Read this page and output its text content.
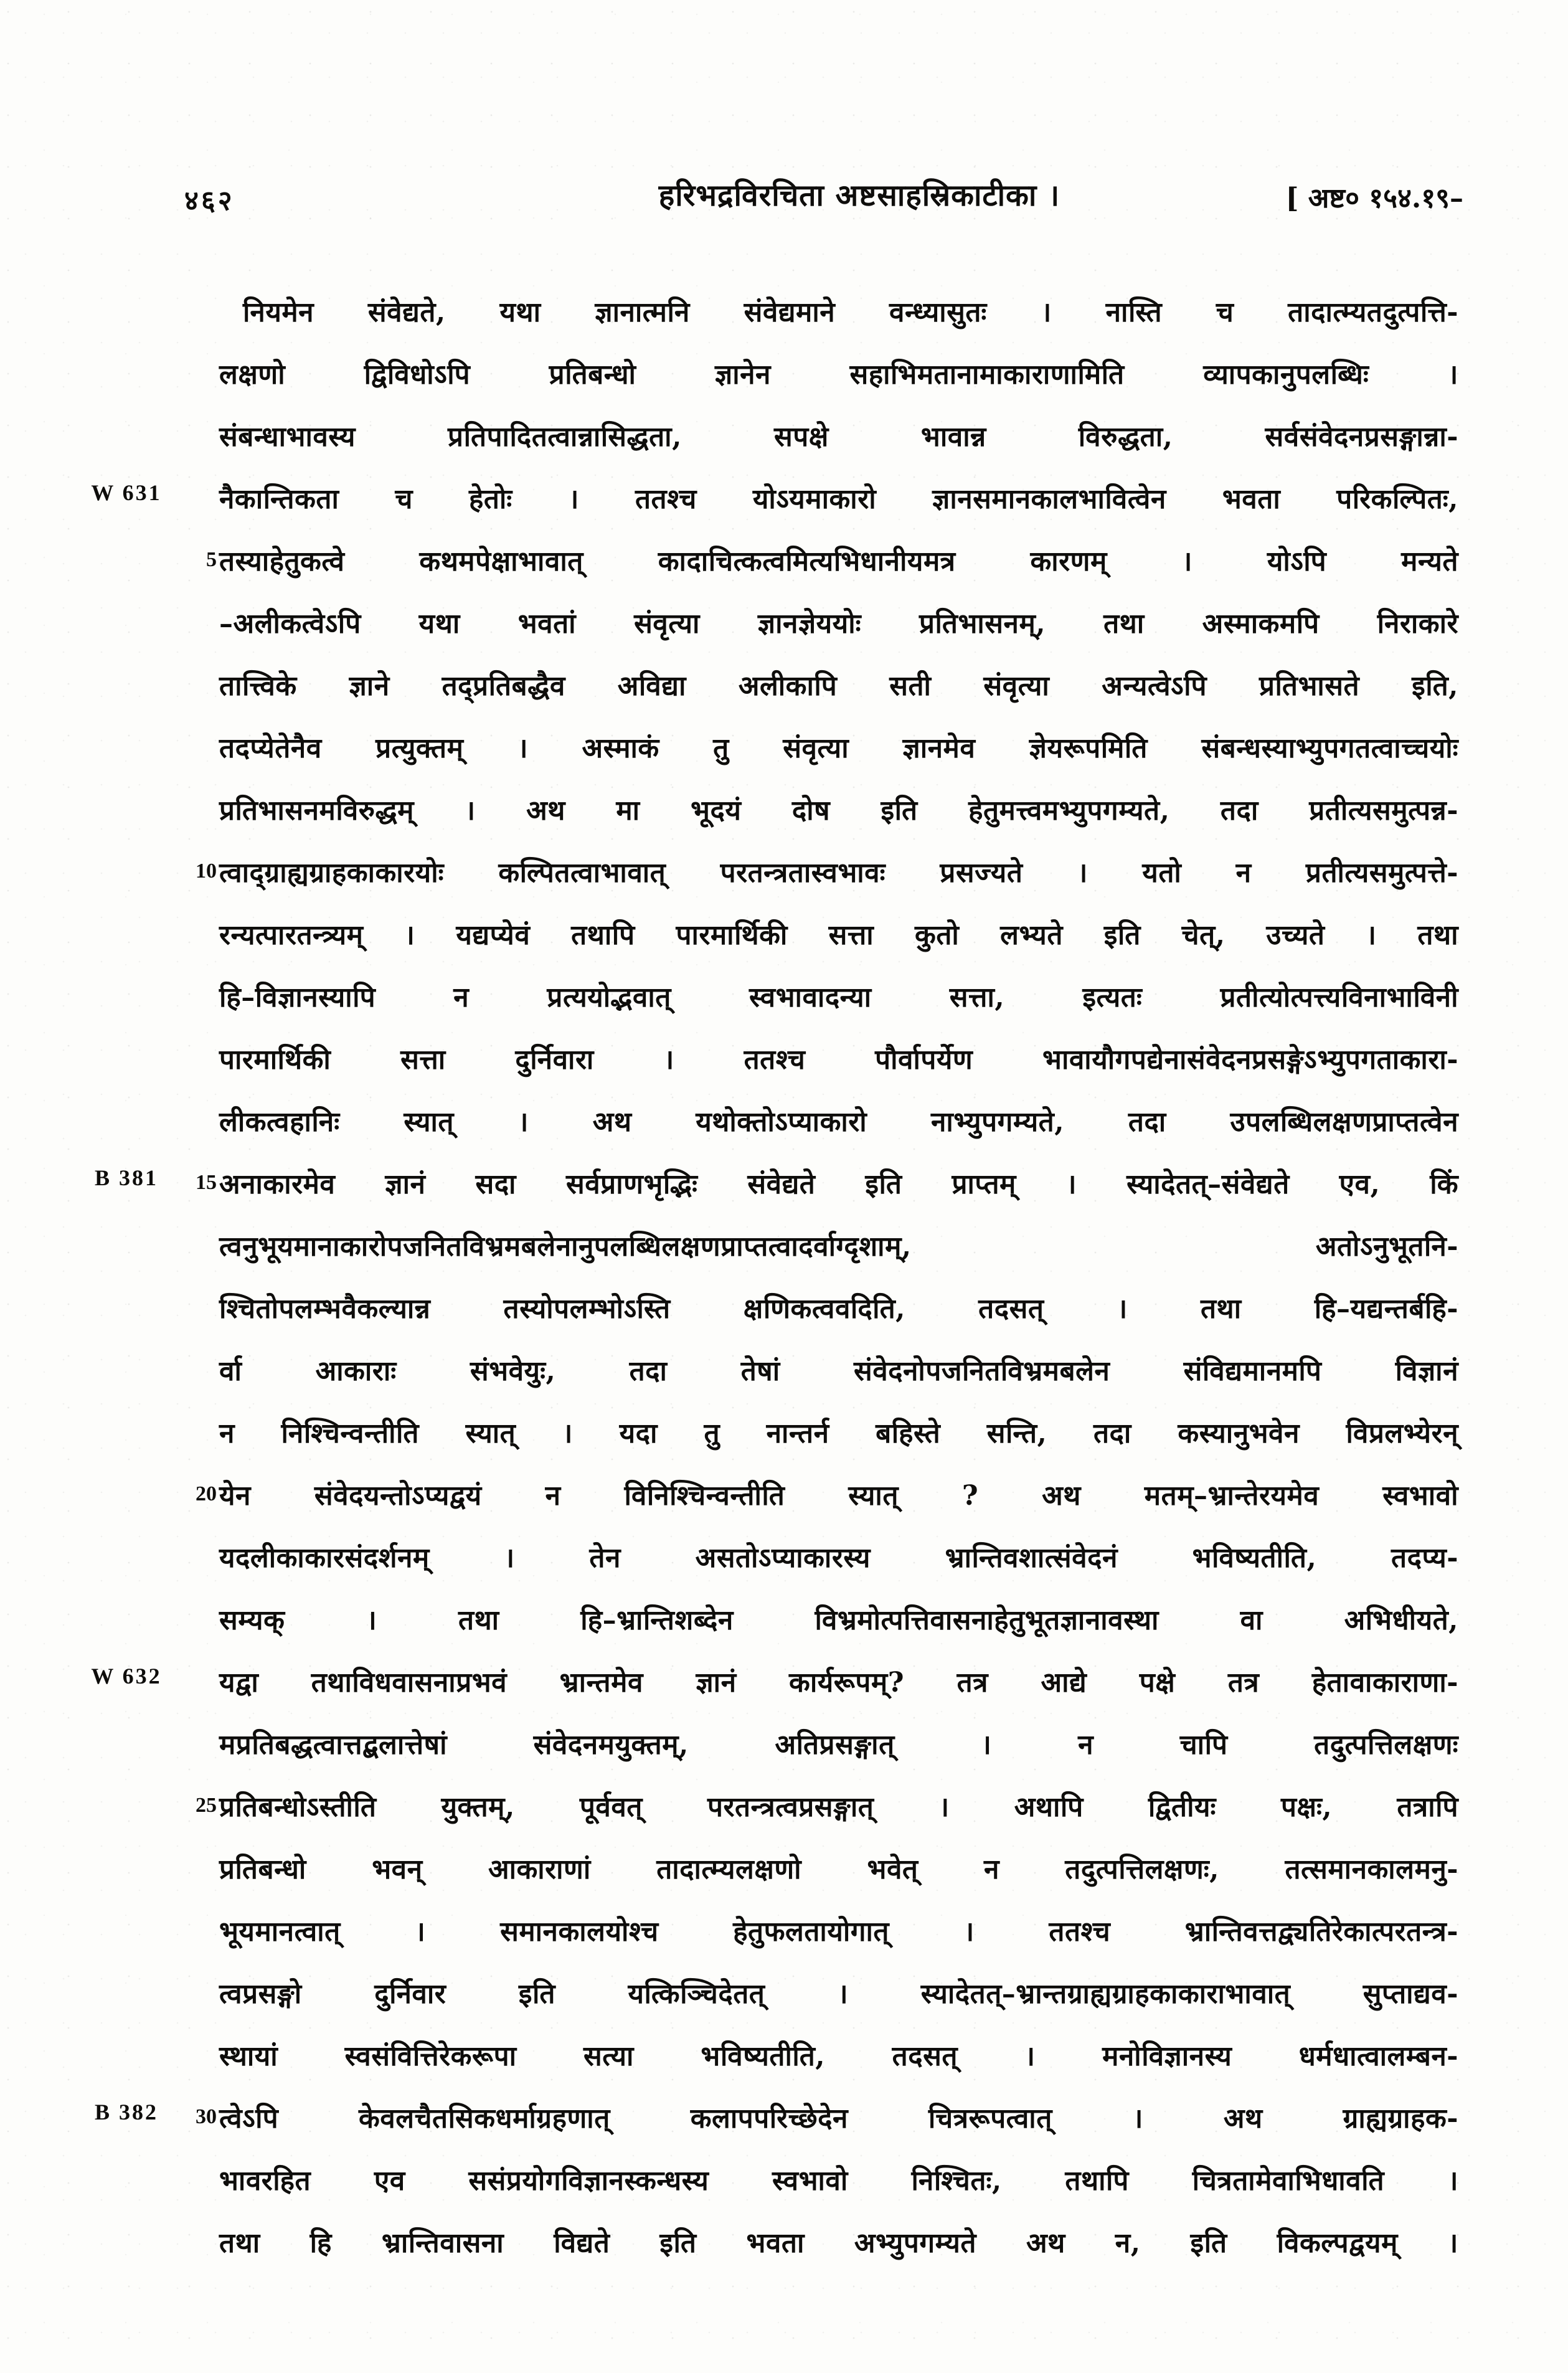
४६२	हरिभद्रविरचिता अष्टसाहस्रिकाटीका ।	[ अष्ट० १५४.१९–
W 631
B 381
W 632
B 382
5
10
15
20
25
30
नियमेन संवेद्यते, यथा ज्ञानात्मनि संवेद्यमाने वन्ध्यासुतः । नास्ति च तादात्म्यतदुत्पत्ति-
लक्षणो द्विविधोऽपि प्रतिबन्धो ज्ञानेन सहाभिमतानामाकाराणामिति व्यापकानुपलब्धिः ।
संबन्धाभावस्य प्रतिपादितत्वान्नासिद्धता, सपक्षे भावान्न विरुद्धता, सर्वसंवेदनप्रसङ्गान्ना-
नैकान्तिकता च हेतोः । ततश्च योऽयमाकारो ज्ञानसमानकालभावित्वेन भवता परिकल्पितः,
तस्याहेतुकत्वे कथमपेक्षाभावात् कादाचित्कत्वमित्यभिधानीयमत्र कारणम् । योऽपि मन्यते
–अलीकत्वेऽपि यथा भवतां संवृत्या ज्ञानज्ञेययोः प्रतिभासनम्, तथा अस्माकमपि निराकारे
तात्त्विके ज्ञाने तद्प्रतिबद्धैव अविद्या अलीकापि सती संवृत्या अन्यत्वेऽपि प्रतिभासते इति,
तदप्येतेनैव प्रत्युक्तम् । अस्माकं तु संवृत्या ज्ञानमेव ज्ञेयरूपमिति संबन्धस्याभ्युपगतत्वाच्चयोः
प्रतिभासनमविरुद्धम् । अथ मा भूदयं दोष इति हेतुमत्त्वमभ्युपगम्यते, तदा प्रतीत्यसमुत्पन्न-
त्वाद्ग्राह्यग्राहकाकारयोः कल्पितत्वाभावात् परतन्त्रतास्वभावः प्रसज्यते । यतो न प्रतीत्यसमुत्पत्ते-
रन्यत्पारतन्त्र्यम् । यद्यप्येवं तथापि पारमार्थिकी सत्ता कुतो लभ्यते इति चेत्, उच्यते । तथा
हि–विज्ञानस्यापि न प्रत्ययोद्भवात् स्वभावादन्या सत्ता, इत्यतः प्रतीत्योत्पत्त्यविनाभाविनी
पारमार्थिकी सत्ता दुर्निवारा । ततश्च पौर्वापर्येण भावायौगपद्येनासंवेदनप्रसङ्गेऽभ्युपगताकारा-
लीकत्वहानिः स्यात् । अथ यथोक्तोऽप्याकारो नाभ्युपगम्यते, तदा उपलब्धिलक्षणप्राप्तत्वेन
अनाकारमेव ज्ञानं सदा सर्वप्राणभृद्भिः संवेद्यते इति प्राप्तम् । स्यादेतत्–संवेद्यते एव, किं
त्वनुभूयमानाकारोपजनितविभ्रमबलेनानुपलब्धिलक्षणप्राप्तत्वादर्वाग्दृशाम्, अतोऽनुभूतनि-
श्चितोपलम्भवैकल्यान्न तस्योपलम्भोऽस्ति क्षणिकत्ववदिति, तदसत् । तथा हि–यद्यन्तर्बहि-
र्वा आकाराः संभवेयुः, तदा तेषां संवेदनोपजनितविभ्रमबलेन संविद्यमानमपि विज्ञानं
न निश्चिन्वन्तीति स्यात् । यदा तु नान्तर्न बहिस्ते सन्ति, तदा कस्यानुभवेन विप्रलभ्येरन्
येन संवेदयन्तोऽप्यद्वयं न विनिश्चिन्वन्तीति स्यात् ? अथ मतम्–भ्रान्तेरयमेव स्वभावो
यदलीकाकारसंदर्शनम् । तेन असतोऽप्याकारस्य भ्रान्तिवशात्संवेदनं भविष्यतीति, तदप्य-
सम्यक् । तथा हि–भ्रान्तिशब्देन विभ्रमोत्पत्तिवासनाहेतुभूतज्ञानावस्था वा अभिधीयते,
यद्वा तथाविधवासनाप्रभवं भ्रान्तमेव ज्ञानं कार्यरूपम्? तत्र आद्ये पक्षे तत्र हेतावाकाराणा-
मप्रतिबद्धत्वात्तद्बलात्तेषां संवेदनमयुक्तम्, अतिप्रसङ्गात् । न चापि तदुत्पत्तिलक्षणः
प्रतिबन्धोऽस्तीति युक्तम्, पूर्ववत् परतन्त्रत्वप्रसङ्गात् । अथापि द्वितीयः पक्षः, तत्रापि
प्रतिबन्धो भवन् आकाराणां तादात्म्यलक्षणो भवेत् न तदुत्पत्तिलक्षणः, तत्समानकालमनु-
भूयमानत्वात् । समानकालयोश्च हेतुफलतायोगात् । ततश्च भ्रान्तिवत्तद्व्यतिरेकात्परतन्त्र-
त्वप्रसङ्गो दुर्निवार इति यत्किञ्चिदेतत् । स्यादेतत्–भ्रान्तग्राह्यग्राहकाकाराभावात् सुप्ताद्यव-
स्थायां स्वसंवित्तिरेकरूपा सत्या भविष्यतीति, तदसत् । मनोविज्ञानस्य धर्मधात्वालम्बन-
त्वेऽपि केवलचैतसिकधर्माग्रहणात् कलापपरिच्छेदेन चित्ररूपत्वात् । अथ ग्राह्यग्राहक-
भावरहित एव ससंप्रयोगविज्ञानस्कन्धस्य स्वभावो निश्चितः, तथापि चित्रतामेवाभिधावति ।
तथा हि भ्रान्तिवासना विद्यते इति भवता अभ्युपगम्यते अथ न, इति विकल्पद्वयम् ।
